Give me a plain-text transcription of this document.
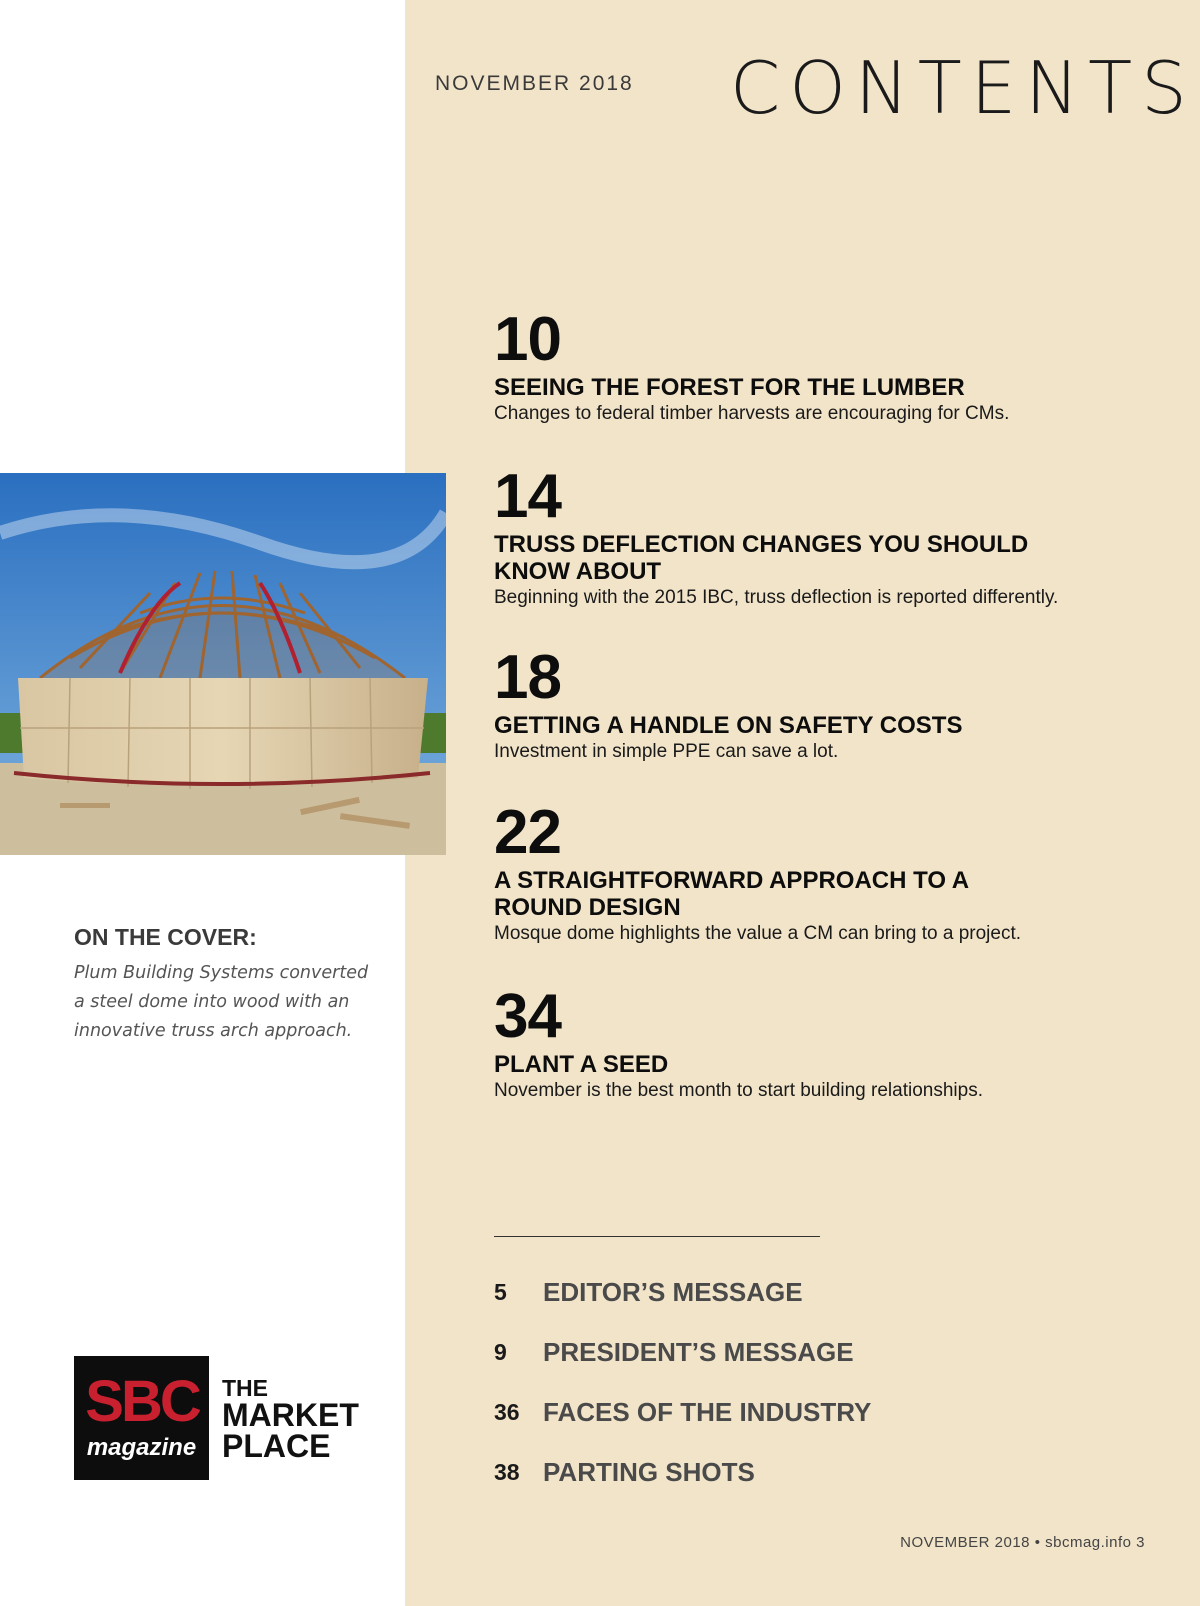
NOVEMBER 2018 CONTENTS
ON THE COVER:
Plum Building Systems converted a steel dome into wood with an innovative truss arch approach.
SBC
magazine
THE
MARKET
PLACE
10
SEEING THE FOREST FOR THE LUMBER
Changes to federal timber harvests are encouraging for CMs.
14
TRUSS DEFLECTION CHANGES YOU SHOULD KNOW ABOUT
Beginning with the 2015 IBC, truss deflection is reported differently.
18
GETTING A HANDLE ON SAFETY COSTS
Investment in simple PPE can save a lot.
22
A STRAIGHTFORWARD APPROACH TO A ROUND DESIGN
Mosque dome highlights the value a CM can bring to a project.
34
PLANT A SEED
November is the best month to start building relationships.
5	EDITOR’S MESSAGE
9	PRESIDENT’S MESSAGE
36 FACES OF THE INDUSTRY
38 PARTING SHOTS
NOVEMBER 2018 • sbcmag.info 3
